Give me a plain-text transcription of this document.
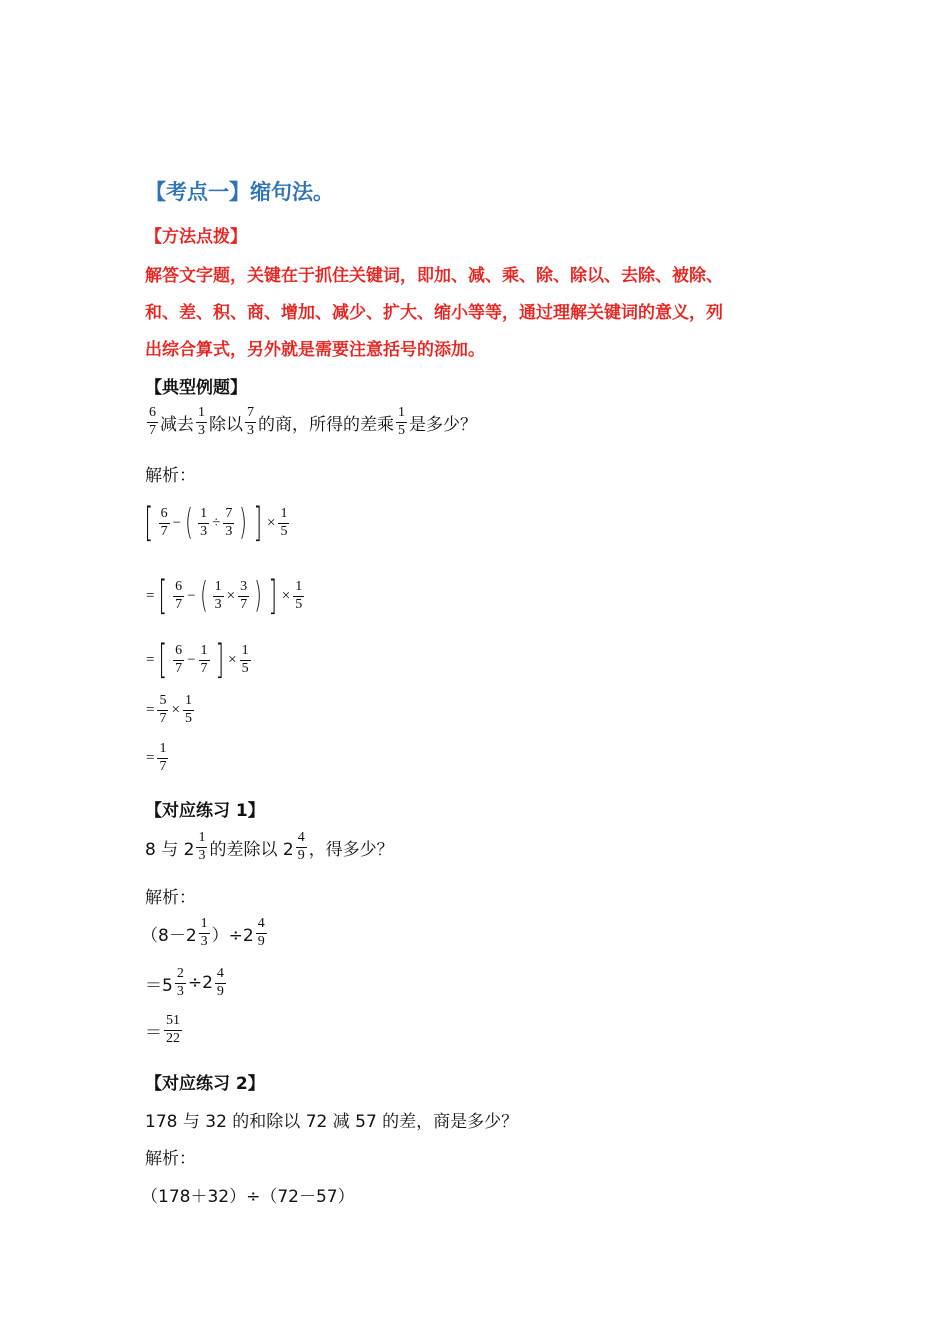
【考点一】缩句法。
【方法点拨】
解答文字题，关键在于抓住关键词，即加、减、乘、除、除以、去除、被除、
和、差、积、商、增加、减少、扩大、缩小等等，通过理解关键词的意义，列
出综合算式，另外就是需要注意括号的添加。
【典型例题】
$\frac{6}{7}$ 减去 $\frac{1}{3}$ 除以 $\frac{7}{3}$ 的商，所得的差乘 $\frac{1}{5}$ 是多少？
解析：
[ $\frac{6}{7}$ − ( $\frac{1}{3} \div \frac{7}{3}$ ) ] × $\frac{1}{5}$
= [ $\frac{6}{7}$ − ( $\frac{1}{3} \times \frac{3}{7}$ ) ] × $\frac{1}{5}$
= [ $\frac{6}{7} - \frac{1}{7}$ ] × $\frac{1}{5}$
= $\frac{5}{7} \times \frac{1}{5}$
= $\frac{1}{7}$
【对应练习 1】
8 与 $2 \frac{1}{3}$ 的差除以 $2 \frac{4}{9}$ ，得多少？
解析：
$(8-2 \frac{1}{3} )\div 2 \frac{4}{9}$
$=5 \frac{2}{3} \div 2 \frac{4}{9}$
＝ $\frac{51}{22}$
【对应练习 2】
178 与 32 的和除以 72 减 57 的差，商是多少？
解析：
（178＋32）÷（72－57）
